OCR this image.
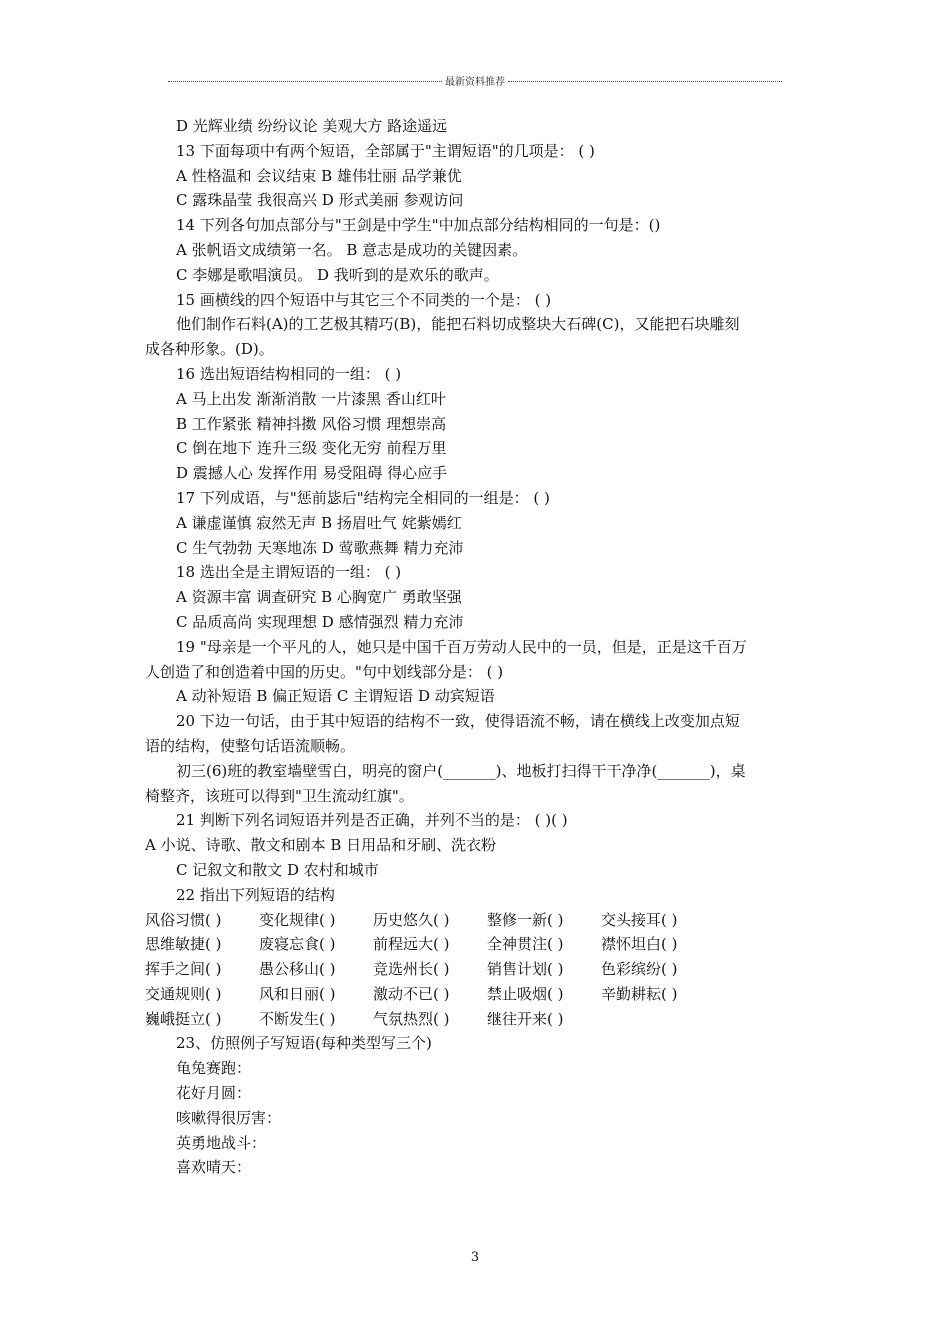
最新资料推荐
D 光辉业绩 纷纷议论 美观大方 路途遥远
13 下面每项中有两个短语，全部属于"主谓短语"的几项是： ( )
A 性格温和 会议结束 B 雄伟壮丽 品学兼优
C 露珠晶莹 我很高兴 D 形式美丽 参观访问
14 下列各句加点部分与"王剑是中学生"中加点部分结构相同的一句是：()
A 张帆语文成绩第一名。 B 意志是成功的关键因素。
C 李娜是歌唱演员。 D 我听到的是欢乐的歌声。
15 画横线的四个短语中与其它三个不同类的一个是： ( )
他们制作石料(A)的工艺极其精巧(B)，能把石料切成整块大石碑(C)，又能把石块雕刻
成各种形象。(D)。
16 选出短语结构相同的一组： ( )
A 马上出发 渐渐消散 一片漆黑 香山红叶
B 工作紧张 精神抖擞 风俗习惯 理想崇高
C 倒在地下 连升三级 变化无穷 前程万里
D 震撼人心 发挥作用 易受阻碍 得心应手
17 下列成语，与"惩前毖后"结构完全相同的一组是： ( )
A 谦虚谨慎 寂然无声 B 扬眉吐气 姹紫嫣红
C 生气勃勃 天寒地冻 D 莺歌燕舞 精力充沛
18 选出全是主谓短语的一组： ( )
A 资源丰富 调查研究 B 心胸宽广 勇敢坚强
C 品质高尚 实现理想 D 感情强烈 精力充沛
19 "母亲是一个平凡的人，她只是中国千百万劳动人民中的一员，但是，正是这千百万
人创造了和创造着中国的历史。"句中划线部分是： ( )
A 动补短语 B 偏正短语 C 主谓短语 D 动宾短语
20 下边一句话，由于其中短语的结构不一致，使得语流不畅，请在横线上改变加点短
语的结构，使整句话语流顺畅。
初三(6)班的教室墙壁雪白，明亮的窗户(_______)、地板打扫得干干净净(_______)，桌
椅整齐，该班可以得到"卫生流动红旗"。
21 判断下列名词短语并列是否正确，并列不当的是： ( )( )
A 小说、诗歌、散文和剧本 B 日用品和牙刷、洗衣粉
C 记叙文和散文 D 农村和城市
22 指出下列短语的结构
风俗习惯( )	变化规律( )	历史悠久( )	整修一新( )	交头接耳( )
思维敏捷( )	废寝忘食( )	前程远大( )	全神贯注( )	襟怀坦白( )
挥手之间( )	愚公移山( )	竞选州长( )	销售计划( )	色彩缤纷( )
交通规则( )	风和日丽( )	激动不已( )	禁止吸烟( )	辛勤耕耘( )
巍峨挺立( )	不断发生( )	气氛热烈( )	继往开来( )
23、仿照例子写短语(每种类型写三个)
龟兔赛跑：
花好月圆：
咳嗽得很厉害：
英勇地战斗：
喜欢晴天：
3
